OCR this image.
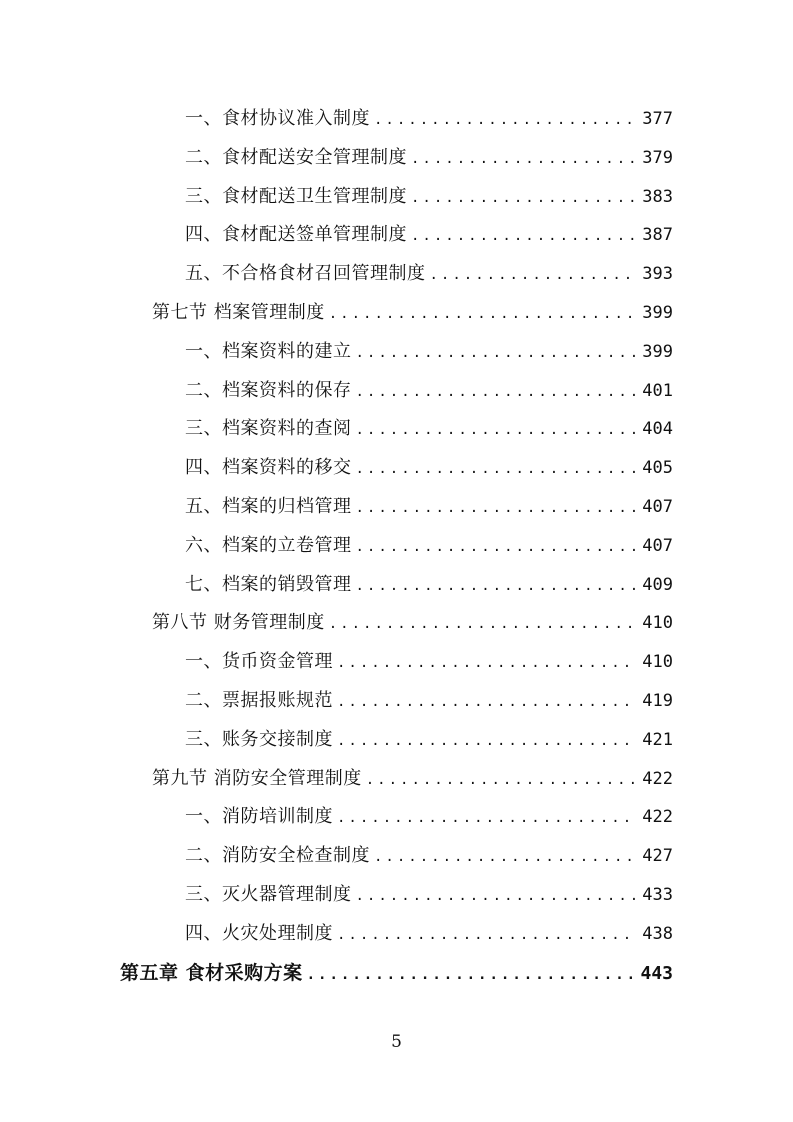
一、食材协议准入制度 .....	377
二、食材配送安全管理制度 .....	379
三、食材配送卫生管理制度 .....	383
四、食材配送签单管理制度 .....	387
五、不合格食材召回管理制度 .....	393
第七节 档案管理制度 .....	399
一、档案资料的建立 .....	399
二、档案资料的保存 .....	401
三、档案资料的查阅 .....	404
四、档案资料的移交 .....	405
五、档案的归档管理 .....	407
六、档案的立卷管理 .....	407
七、档案的销毁管理 .....	409
第八节 财务管理制度 .....	410
一、货币资金管理 .....	410
二、票据报账规范 .....	419
三、账务交接制度 .....	421
第九节 消防安全管理制度 .....	422
一、消防培训制度 .....	422
二、消防安全检查制度 .....	427
三、灭火器管理制度 .....	433
四、火灾处理制度 .....	438
第五章 食材采购方案 .....	443
5
